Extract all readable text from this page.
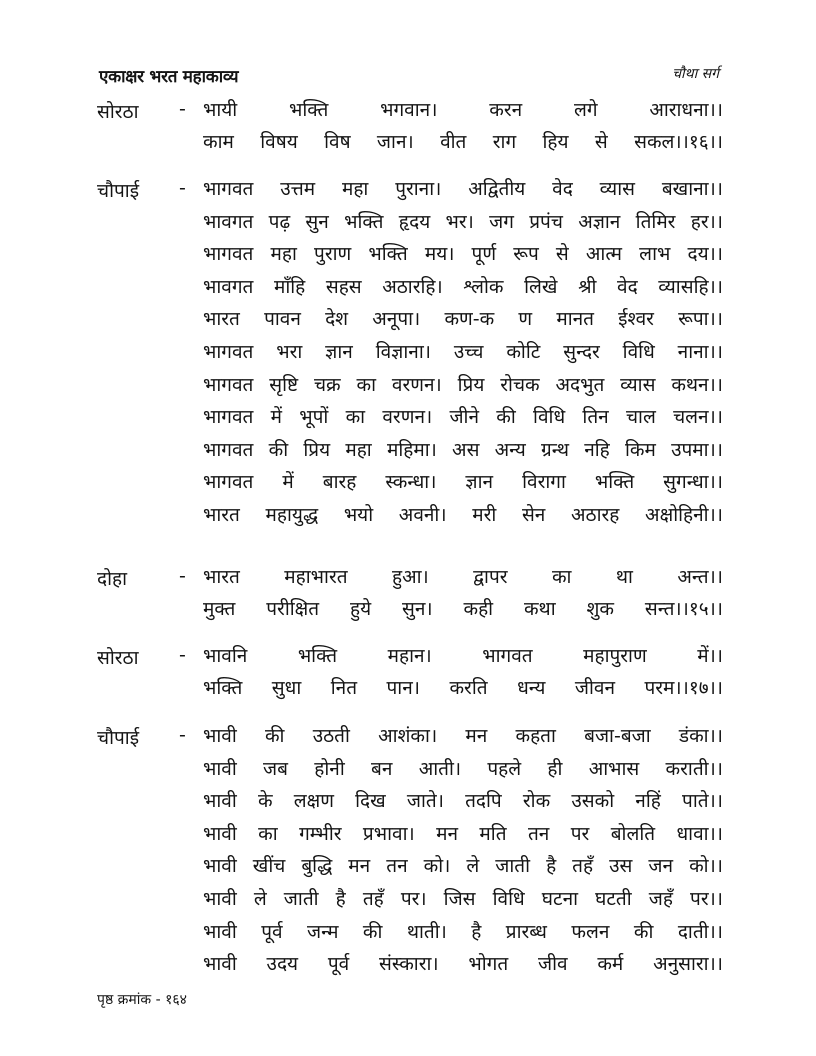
एकाक्षर भरत महाकाव्य	चौथा सर्ग
सोरठा - भायी भक्ति भगवान। करन लगे आराधना।।
काम विषय विष जान। वीत राग हिय से सकल।।१६।।
चौपाई - भागवत उत्तम महा पुराना। अद्वितीय वेद व्यास बखाना।।
भावगत पढ़ सुन भक्ति हृदय भर। जग प्रपंच अज्ञान तिमिर हर।।
भागवत महा पुराण भक्ति मय। पूर्ण रूप से आत्म लाभ दय।।
भावगत माँहि सहस अठारहि। श्लोक लिखे श्री वेद व्यासहि।।
भारत पावन देश अनूपा। कण-क ण मानत ईश्वर रूपा।।
भागवत भरा ज्ञान विज्ञाना। उच्च कोटि सुन्दर विधि नाना।।
भागवत सृष्टि चक्र का वरणन। प्रिय रोचक अदभुत व्यास कथन।।
भागवत में भूपों का वरणन। जीने की विधि तिन चाल चलन।।
भागवत की प्रिय महा महिमा। अस अन्य ग्रन्थ नहि किम उपमा।।
भागवत में बारह स्कन्धा। ज्ञान विरागा भक्ति सुगन्धा।।
भारत महायुद्ध भयो अवनी। मरी सेन अठारह अक्षोहिनी।।
दोहा	- भारत महाभारत हुआ। द्वापर का था अन्त।।
मुक्त परीक्षित हुये सुन। कही कथा शुक सन्त।।१५।।
सोरठा - भावनि भक्ति महान। भागवत महापुराण में।।
भक्ति सुधा नित पान। करति धन्य जीवन परम।।१७।।
चौपाई - भावी की उठती आशंका। मन कहता बजा-बजा डंका।।
भावी जब होनी बन आती। पहले ही आभास कराती।।
भावी के लक्षण दिख जाते। तदपि रोक उसको नहिं पाते।।
भावी का गम्भीर प्रभावा। मन मति तन पर बोलति धावा।।
भावी खींच बुद्धि मन तन को। ले जाती है तहँ उस जन को।।
भावी ले जाती है तहँ पर। जिस विधि घटना घटती जहँ पर।।
भावी पूर्व जन्म की थाती। है प्रारब्ध फलन की दाती।।
भावी उदय पूर्व संस्कारा। भोगत जीव कर्म अनुसारा।।
पृष्ठ क्रमांक - १६४
